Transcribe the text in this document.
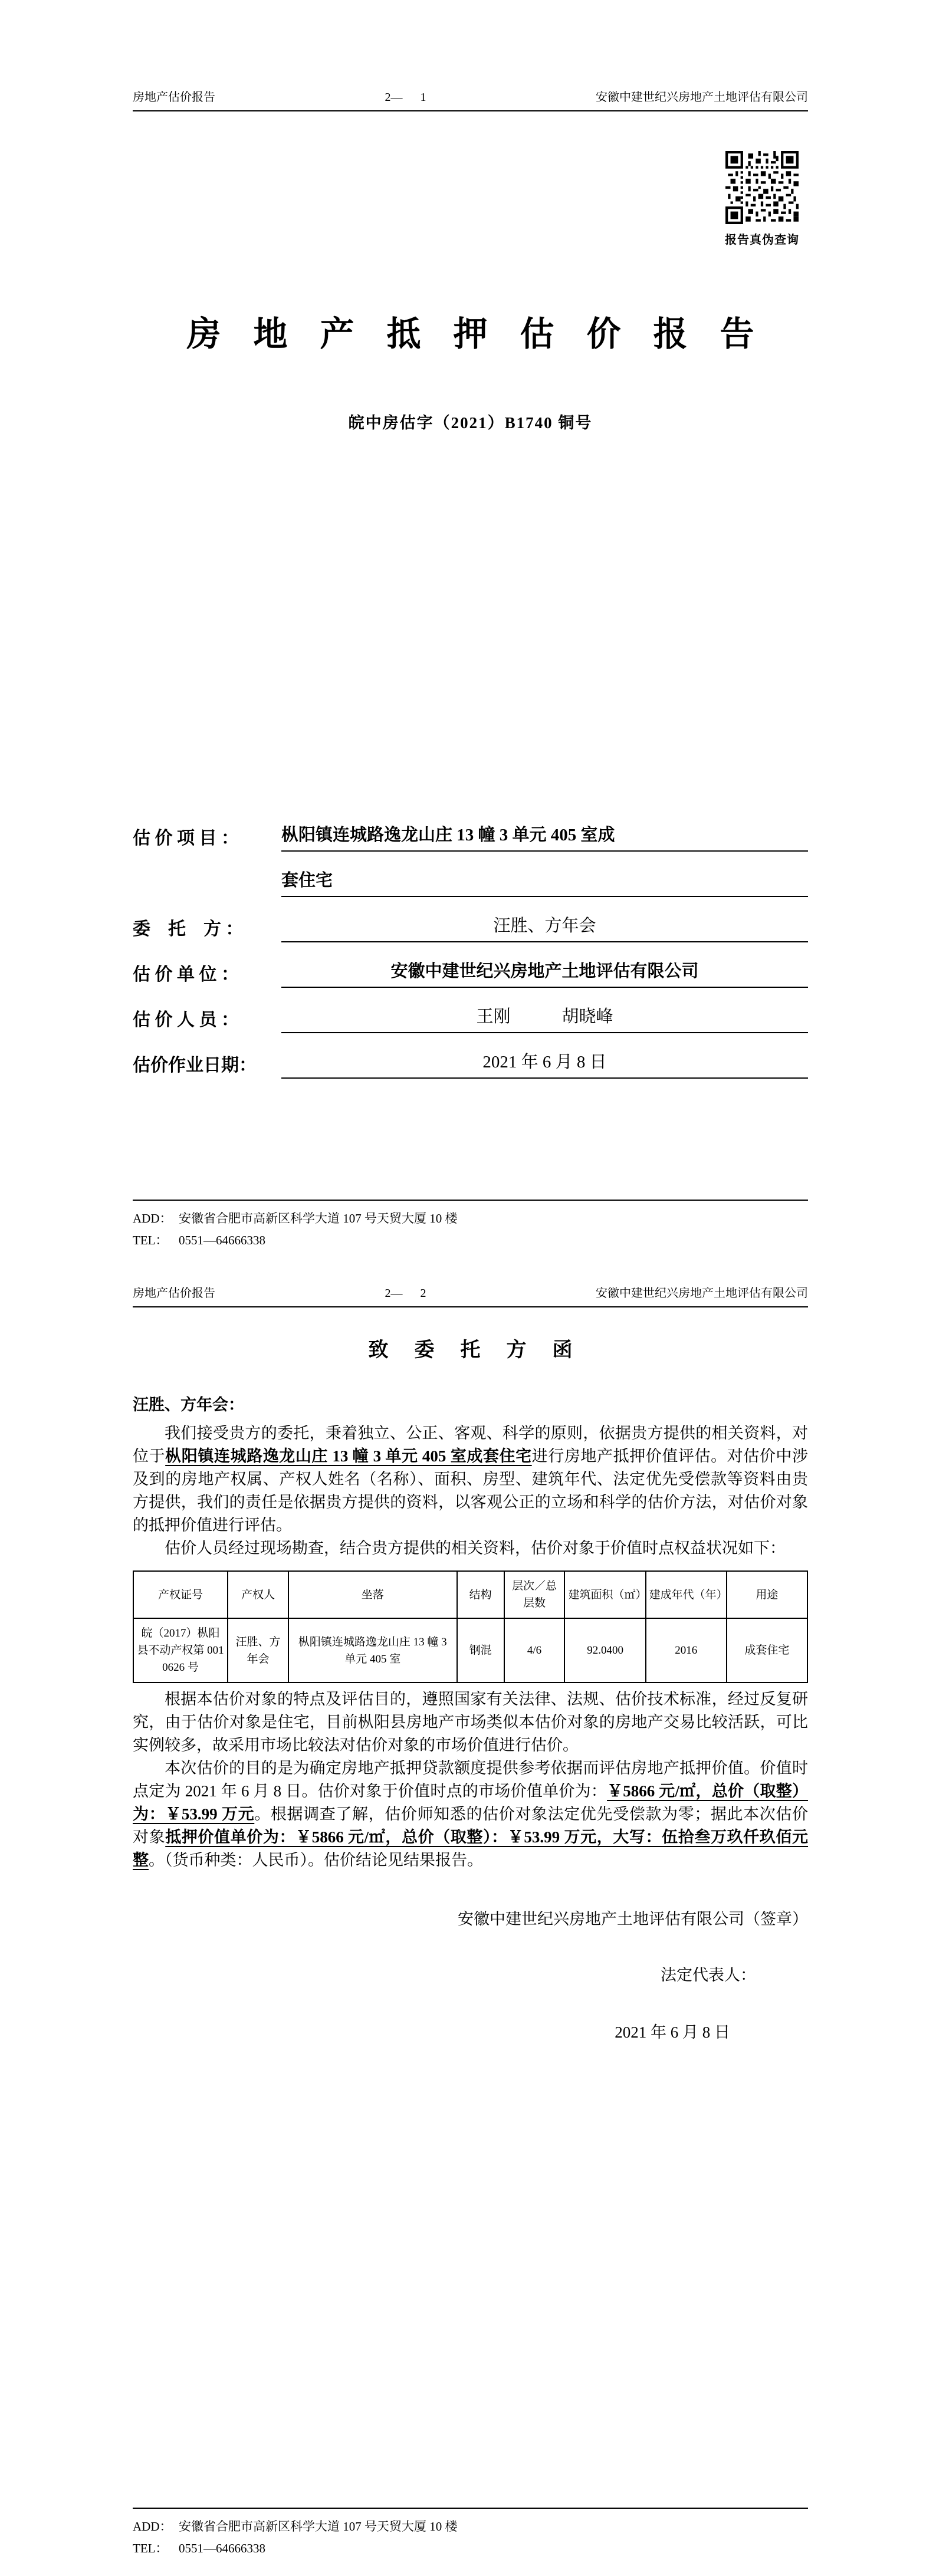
房地产估价报告	2—      1	安徽中建世纪兴房地产土地评估有限公司
报告真伪查询
房地产抵押估价报告
皖中房估字（2021）B1740 铜号
估 价 项 目 ：	枞阳镇连城路逸龙山庄 13 幢 3 单元 405 室成
套住宅
委　托　方 ：	汪胜、方年会
估 价 单 位 ：	安徽中建世纪兴房地产土地评估有限公司
估 价 人 员 ：	王刚　　　胡晓峰
估价作业日期：	2021 年 6 月 8 日
ADD： 安徽省合肥市高新区科学大道 107 号天贸大厦 10 楼
TEL： 0551—64666338
房地产估价报告	2—      2	安徽中建世纪兴房地产土地评估有限公司
致委托方函
汪胜、方年会：

我们接受贵方的委托，秉着独立、公正、客观、科学的原则，依据贵方提供的相关资料，对位于枞阳镇连城路逸龙山庄 13 幢 3 单元 405 室成套住宅进行房地产抵押价值评估。对估价中涉及到的房地产权属、产权人姓名（名称）、面积、房型、建筑年代、法定优先受偿款等资料由贵方提供，我们的责任是依据贵方提供的资料，以客观公正的立场和科学的估价方法，对估价对象的抵押价值进行评估。

估价人员经过现场勘查，结合贵方提供的相关资料，估价对象于价值时点权益状况如下：

产权证号	产权人	坐落	结构	层次／总层数	建筑面积（㎡）	建成年代（年）	用途
皖（2017）枞阳县不动产权第 0010626 号	汪胜、方年会	枞阳镇连城路逸龙山庄 13 幢 3 单元 405 室	钢混	4/6	92.0400	2016	成套住宅

根据本估价对象的特点及评估目的，遵照国家有关法律、法规、估价技术标准，经过反复研究，由于估价对象是住宅，目前枞阳县房地产市场类似本估价对象的房地产交易比较活跃，可比实例较多，故采用市场比较法对估价对象的市场价值进行估价。

本次估价的目的是为确定房地产抵押贷款额度提供参考依据而评估房地产抵押价值。价值时点定为 2021 年 6 月 8 日。估价对象于价值时点的市场价值单价为：￥5866 元/㎡，总价（取整）为：￥53.99 万元。根据调查了解，估价师知悉的估价对象法定优先受偿款为零；据此本次估价对象抵押价值单价为：￥5866 元/㎡，总价（取整）：￥53.99 万元，大写：伍拾叁万玖仟玖佰元整。（货币种类：人民币）。估价结论见结果报告。

安徽中建世纪兴房地产土地评估有限公司（签章）
法定代表人：
2021 年 6 月 8 日
ADD： 安徽省合肥市高新区科学大道 107 号天贸大厦 10 楼
TEL： 0551—64666338
